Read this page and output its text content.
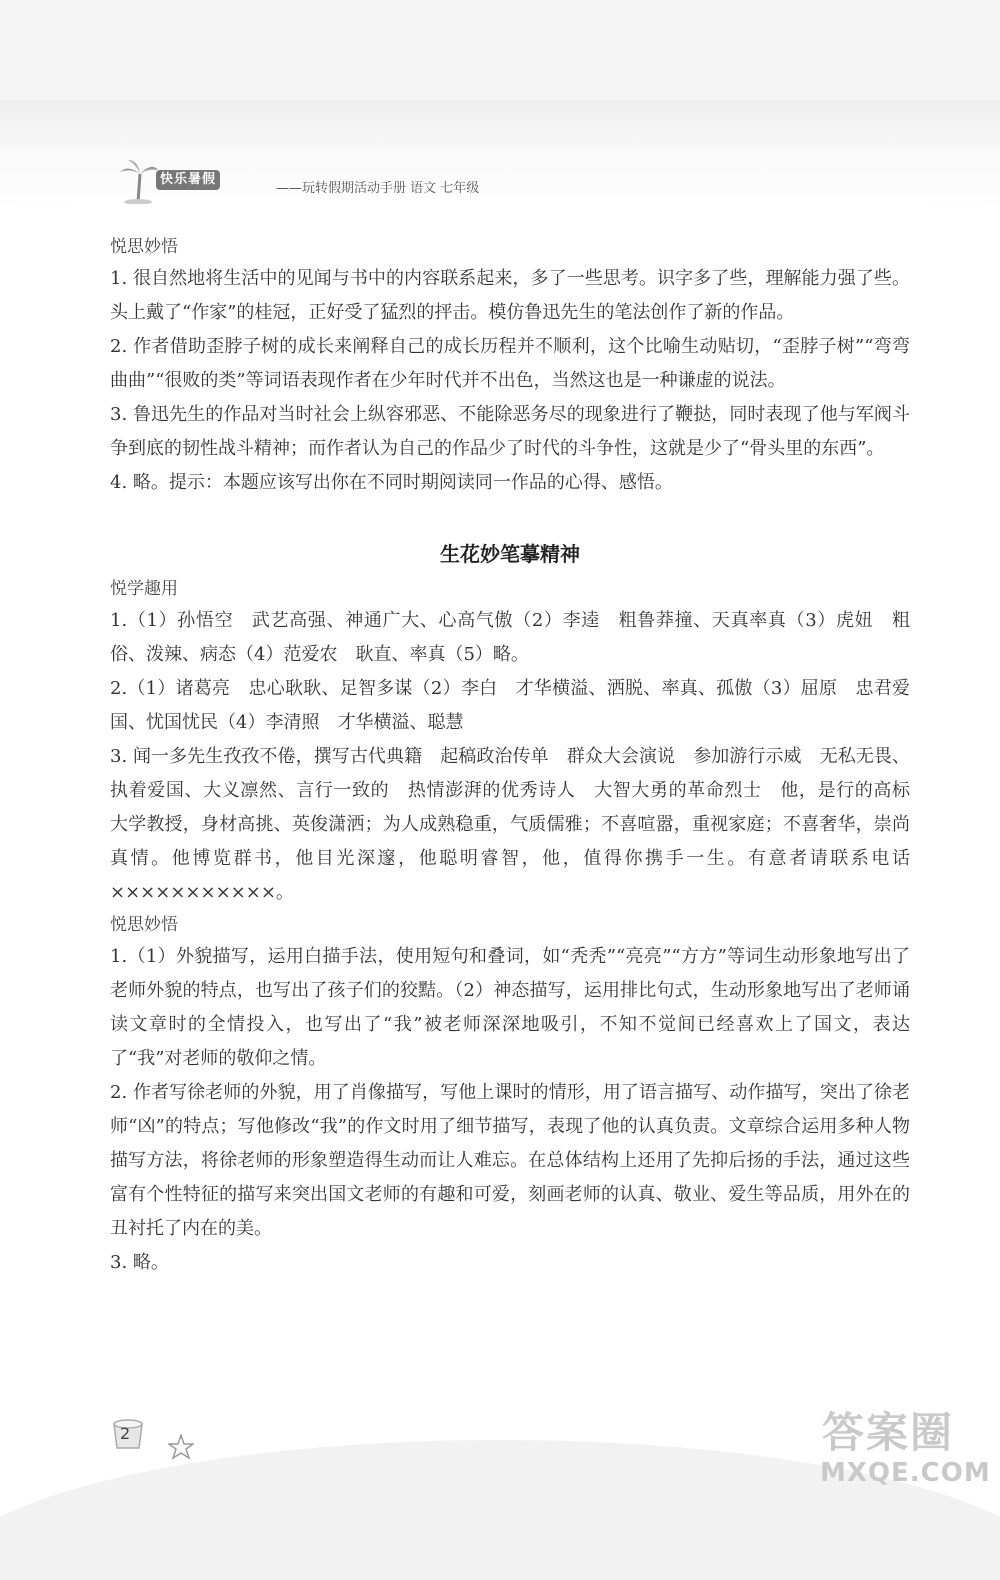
快乐暑假
——玩转假期活动手册 语文 七年级

悦思妙悟

1. 很自然地将生活中的见闻与书中的内容联系起来，多了一些思考。识字多了些，理解能力强了些。头上戴了“作家”的桂冠，正好受了猛烈的抨击。模仿鲁迅先生的笔法创作了新的作品。

2. 作者借助歪脖子树的成长来阐释自己的成长历程并不顺利，这个比喻生动贴切，“歪脖子树”“弯弯曲曲”“很败的类”等词语表现作者在少年时代并不出色，当然这也是一种谦虚的说法。

3. 鲁迅先生的作品对当时社会上纵容邪恶、不能除恶务尽的现象进行了鞭挞，同时表现了他与军阀斗争到底的韧性战斗精神；而作者认为自己的作品少了时代的斗争性，这就是少了“骨头里的东西”。

4. 略。提示：本题应该写出你在不同时期阅读同一作品的心得、感悟。

生花妙笔摹精神

悦学趣用

1.（1）孙悟空　武艺高强、神通广大、心高气傲（2）李逵　粗鲁莽撞、天真率真（3）虎妞　粗俗、泼辣、病态（4）范爱农　耿直、率真（5）略。

2.（1）诸葛亮　忠心耿耿、足智多谋（2）李白　才华横溢、洒脱、率真、孤傲（3）屈原　忠君爱国、忧国忧民（4）李清照　才华横溢、聪慧

3. 闻一多先生孜孜不倦，撰写古代典籍　起稿政治传单　群众大会演说　参加游行示威　无私无畏、执着爱国、大义凛然、言行一致的　热情澎湃的优秀诗人　大智大勇的革命烈士　他，是行的高标　大学教授，身材高挑、英俊潇洒；为人成熟稳重，气质儒雅；不喜喧嚣，重视家庭；不喜奢华，崇尚真情。他博览群书，他目光深邃，他聪明睿智，他，值得你携手一生。有意者请联系电话 ×××××××××××。

悦思妙悟

1.（1）外貌描写，运用白描手法，使用短句和叠词，如“秃秃”“亮亮”“方方”等词生动形象地写出了老师外貌的特点，也写出了孩子们的狡黠。（2）神态描写，运用排比句式，生动形象地写出了老师诵读文章时的全情投入，也写出了“我”被老师深深地吸引，不知不觉间已经喜欢上了国文，表达了“我”对老师的敬仰之情。

2. 作者写徐老师的外貌，用了肖像描写，写他上课时的情形，用了语言描写、动作描写，突出了徐老师“凶”的特点；写他修改“我”的作文时用了细节描写，表现了他的认真负责。文章综合运用多种人物描写方法，将徐老师的形象塑造得生动而让人难忘。在总体结构上还用了先抑后扬的手法，通过这些富有个性特征的描写来突出国文老师的有趣和可爱，刻画老师的认真、敬业、爱生等品质，用外在的丑衬托了内在的美。

3. 略。

2	答案圈
MXQE.COM
